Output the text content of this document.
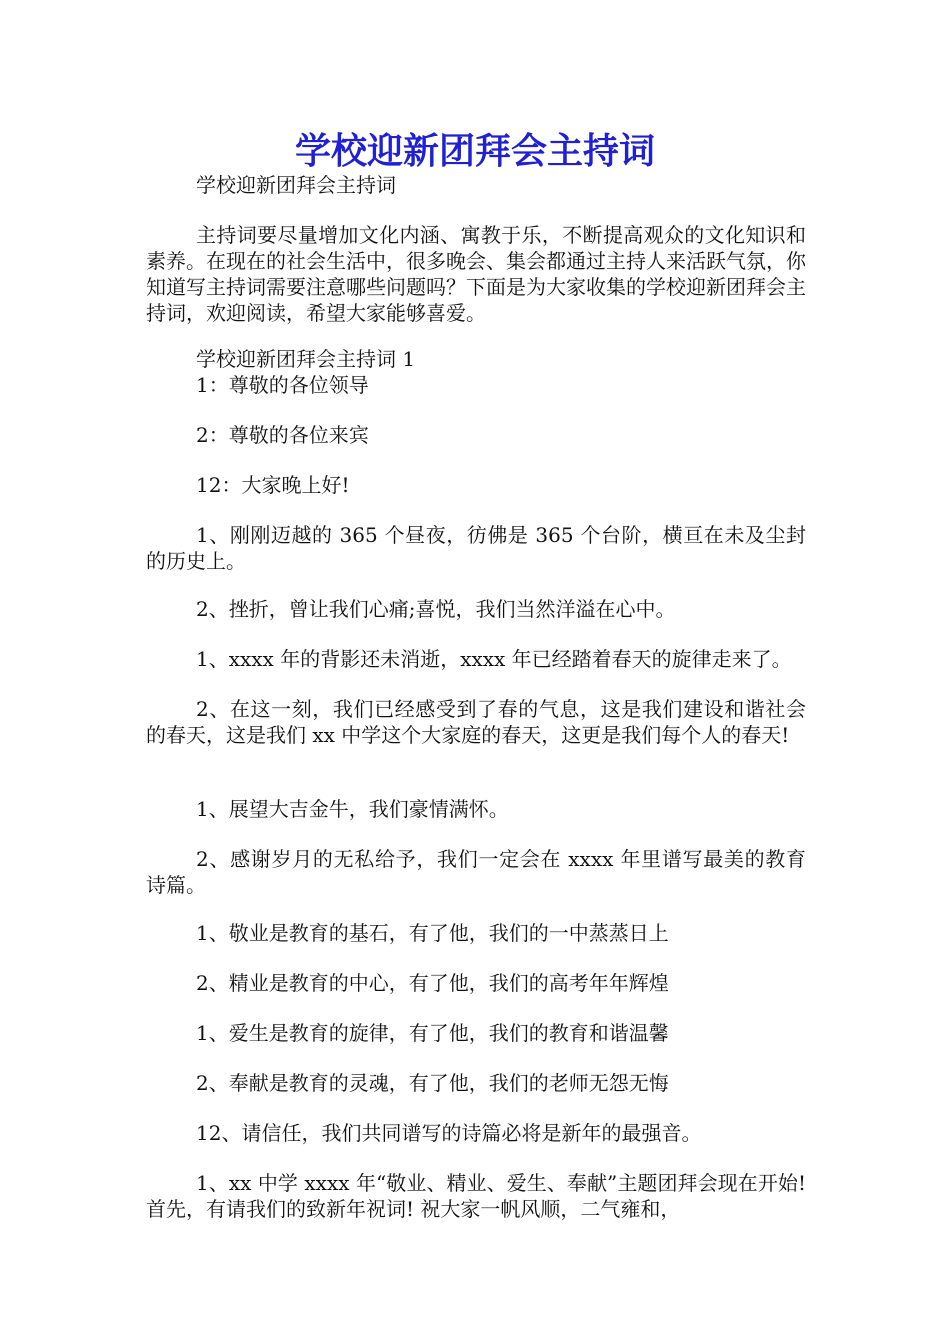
学校迎新团拜会主持词

学校迎新团拜会主持词

主持词要尽量增加文化内涵、寓教于乐，不断提高观众的文化知识和素养。在现在的社会生活中，很多晚会、集会都通过主持人来活跃气氛，你知道写主持词需要注意哪些问题吗？下面是为大家收集的学校迎新团拜会主持词，欢迎阅读，希望大家能够喜爱。

学校迎新团拜会主持词 1

1：尊敬的各位领导

2：尊敬的各位来宾

12：大家晚上好!

1、刚刚迈越的 365 个昼夜，彷佛是 365 个台阶，横亘在未及尘封的历史上。

2、挫折，曾让我们心痛;喜悦，我们当然洋溢在心中。

1、xxxx 年的背影还未消逝，xxxx 年已经踏着春天的旋律走来了。

2、在这一刻，我们已经感受到了春的气息，这是我们建设和谐社会的春天，这是我们 xx 中学这个大家庭的春天，这更是我们每个人的春天!

1、展望大吉金牛，我们豪情满怀。

2、感谢岁月的无私给予，我们一定会在 xxxx 年里谱写最美的教育诗篇。

1、敬业是教育的基石，有了他，我们的一中蒸蒸日上

2、精业是教育的中心，有了他，我们的高考年年辉煌

1、爱生是教育的旋律，有了他，我们的教育和谐温馨

2、奉献是教育的灵魂，有了他，我们的老师无怨无悔

12、请信任，我们共同谱写的诗篇必将是新年的最强音。

1、xx 中学 xxxx 年“敬业、精业、爱生、奉献”主题团拜会现在开始!首先，有请我们的致新年祝词! 祝大家一帆风顺，二气雍和，
